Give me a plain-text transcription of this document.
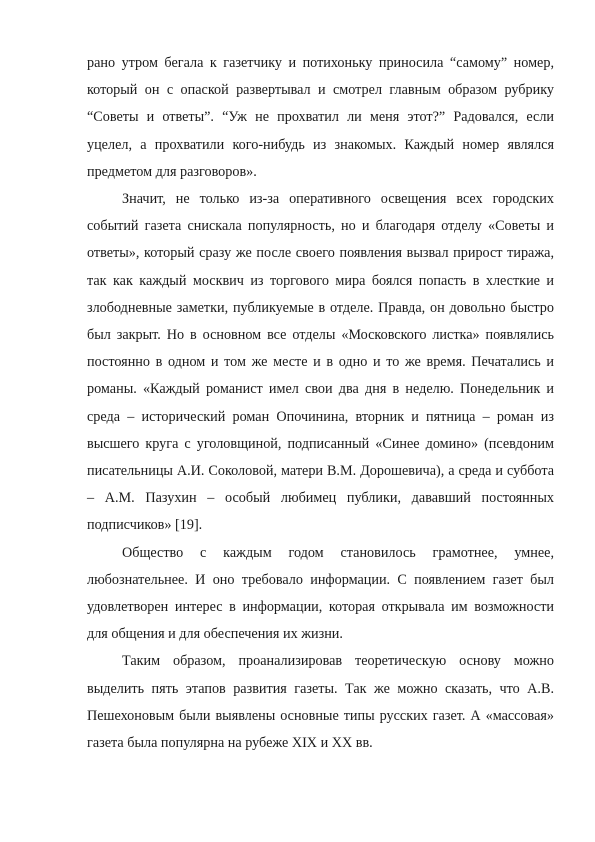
рано утром бегала к газетчику и потихоньку приносила “самому” номер, который он с опаской развертывал и смотрел главным образом рубрику “Советы и ответы”. “Уж не прохватил ли меня этот?” Радовался, если уцелел, а прохватили кого-нибудь из знакомых. Каждый номер являлся предметом для разговоров».

Значит, не только из-за оперативного освещения всех городских событий газета снискала популярность, но и благодаря отделу «Советы и ответы», который сразу же после своего появления вызвал прирост тиража, так как каждый москвич из торгового мира боялся попасть в хлесткие и злободневные заметки, публикуемые в отделе. Правда, он довольно быстро был закрыт. Но в основном все отделы «Московского листка» появлялись постоянно в одном и том же месте и в одно и то же время. Печатались и романы. «Каждый романист имел свои два дня в неделю. Понедельник и среда – исторический роман Опочинина, вторник и пятница – роман из высшего круга с уголовщиной, подписанный «Синее домино» (псевдоним писательницы А.И. Соколовой, матери В.М. Дорошевича), а среда и суббота – А.М. Пазухин – особый любимец публики, дававший постоянных подписчиков» [19].

Общество с каждым годом становилось грамотнее, умнее, любознательнее. И оно требовало информации. С появлением газет был удовлетворен интерес в информации, которая открывала им возможности для общения и для обеспечения их жизни.

Таким образом, проанализировав теоретическую основу можно выделить пять этапов развития газеты. Так же можно сказать, что А.В. Пешехоновым были выявлены основные типы русских газет. А «массовая» газета была популярна на рубеже XIX и XX вв.
